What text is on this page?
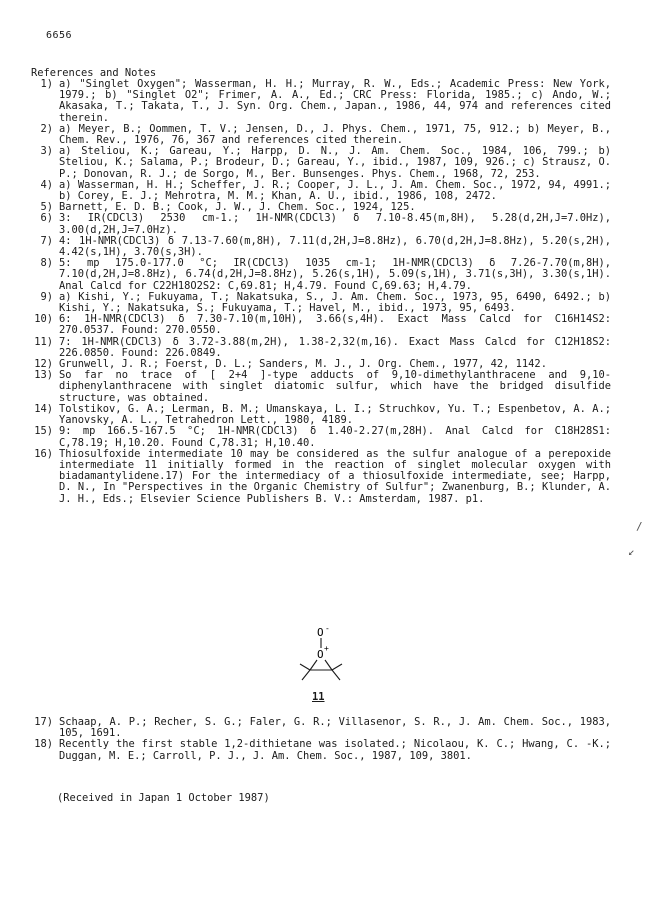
6656
References and Notes
1) a) "Singlet Oxygen"; Wasserman, H. H.; Murray, R. W., Eds.; Academic Press: New York, 1979.; b) "Singlet O2"; Frimer, A. A., Ed.; CRC Press: Florida, 1985.; c) Ando, W.; Akasaka, T.; Takata, T., J. Syn. Org. Chem., Japan., 1986, 44, 974 and references cited therein.
2) a) Meyer, B.; Oommen, T. V.; Jensen, D., J. Phys. Chem., 1971, 75, 912.; b) Meyer, B., Chem. Rev., 1976, 76, 367 and references cited therein.
3) a) Steliou, K.; Gareau, Y.; Harpp, D. N., J. Am. Chem. Soc., 1984, 106, 799.; b) Steliou, K.; Salama, P.; Brodeur, D.; Gareau, Y., ibid., 1987, 109, 926.; c) Strausz, O. P.; Donovan, R. J.; de Sorgo, M., Ber. Bunsenges. Phys. Chem., 1968, 72, 253.
4) a) Wasserman, H. H.; Scheffer, J. R.; Cooper, J. L., J. Am. Chem. Soc., 1972, 94, 4991.; b) Corey, E. J.; Mehrotra, M. M.; Khan, A. U., ibid., 1986, 108, 2472.
5) Barnett, E. D. B.; Cook, J. W., J. Chem. Soc., 1924, 125.
6) 3: IR(CDCl3) 2530 cm-1.; 1H-NMR(CDCl3) δ 7.10-8.45(m,8H), 5.28(d,2H,J=7.0Hz), 3.00(d,2H,J=7.0Hz).
7) 4: 1H-NMR(CDCl3) δ 7.13-7.60(m,8H), 7.11(d,2H,J=8.8Hz), 6.70(d,2H,J=8.8Hz), 5.20(s,2H), 4.42(s,1H), 3.70(s,3H).
8) 5: mp 175.0-177.0 °C; IR(CDCl3) 1035 cm-1; 1H-NMR(CDCl3) δ 7.26-7.70(m,8H), 7.10(d,2H,J=8.8Hz), 6.74(d,2H,J=8.8Hz), 5.26(s,1H), 5.09(s,1H), 3.71(s,3H), 3.30(s,1H). Anal Calcd for C22H18O2S2: C,69.81; H,4.79. Found C,69.63; H,4.79.
9) a) Kishi, Y.; Fukuyama, T.; Nakatsuka, S., J. Am. Chem. Soc., 1973, 95, 6490, 6492.; b) Kishi, Y.; Nakatsuka, S.; Fukuyama, T.; Havel, M., ibid., 1973, 95, 6493.
10) 6: 1H-NMR(CDCl3) δ 7.30-7.10(m,10H), 3.66(s,4H). Exact Mass Calcd for C16H14S2: 270.0537. Found: 270.0550.
11) 7: 1H-NMR(CDCl3) δ 3.72-3.88(m,2H), 1.38-2,32(m,16). Exact Mass Calcd for C12H18S2: 226.0850. Found: 226.0849.
12) Grunwell, J. R.; Foerst, D. L.; Sanders, M. J., J. Org. Chem., 1977, 42, 1142.
13) So far no trace of [ 2+4 ]-type adducts of 9,10-dimethylanthracene and 9,10-diphenylanthracene with singlet diatomic sulfur, which have the bridged disulfide structure, was obtained.
14) Tolstikov, G. A.; Lerman, B. M.; Umanskaya, L. I.; Struchkov, Yu. T.; Espenbetov, A. A.; Yanovsky, A. L., Tetrahedron Lett., 1980, 4189.
15) 9: mp 166.5-167.5 °C; 1H-NMR(CDCl3) δ 1.40-2.27(m,28H). Anal Calcd for C18H28S1: C,78.19; H,10.20. Found C,78.31; H,10.40.
16) Thiosulfoxide intermediate 10 may be considered as the sulfur analogue of a perepoxide intermediate 11 initially formed in the reaction of singlet molecular oxygen with biadamantylidene.17) For the intermediacy of a thiosulfoxide intermediate, see; Harpp, D. N., In "Perspectives in the Organic Chemistry of Sulfur"; Zwanenburg, B.; Klunder, A. J. H., Eds.; Elsevier Science Publishers B. V.: Amsterdam, 1987. p1.
O -
O +
11
17) Schaap, A. P.; Recher, S. G.; Faler, G. R.; Villasenor, S. R., J. Am. Chem. Soc., 1983, 105, 1691.
18) Recently the first stable 1,2-dithietane was isolated.; Nicolaou, K. C.; Hwang, C. -K.; Duggan, M. E.; Carroll, P. J., J. Am. Chem. Soc., 1987, 109, 3801.
(Received in Japan 1 October 1987)
/
↙
